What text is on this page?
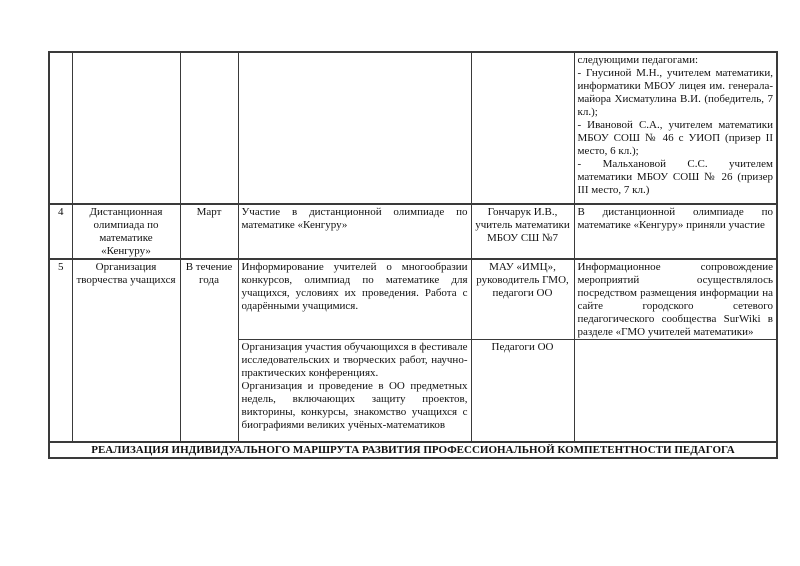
					следующими педагогами:
- Гнусиной М.Н., учителем математики, информатики МБОУ лицея им. генерала-майора Хисматулина В.И. (победитель, 7 кл.);
- Ивановой С.А., учителем математики МБОУ СОШ № 46 с УИОП (призер II место, 6 кл.);
- Мальхановой С.С. учителем математики МБОУ СОШ № 26 (призер III место, 7 кл.)

4	Дистанционная олимпиада по математике «Кенгуру»	Март	Участие в дистанционной олимпиаде по математике «Кенгуру»	Гончарук И.В., учитель математики МБОУ СШ №7	В дистанционной олимпиаде по математике «Кенгуру» приняли участие
5	Организация творчества учащихся	В течение года	Информирование учителей о многообразии конкурсов, олимпиад по математике для учащихся, условиях их проведения. Работа с одарёнными учащимися.	МАУ «ИМЦ», руководитель ГМО, педагоги ОО	Информационное сопровождение мероприятий осуществлялось посредством размещения информации на сайте городского сетевого педагогического сообщества SurWiki в разделе «ГМО учителей математики»

			Организация участия обучающихся в фестивале исследовательских и творческих работ, научно-практических конференциях.
Организация и проведение в ОО предметных недель, включающих защиту проектов, викторины, конкурсы, знакомство учащихся с биографиями великих учёных-математиков	Педагоги ОО	
РЕАЛИЗАЦИЯ ИНДИВИДУАЛЬНОГО МАРШРУТА РАЗВИТИЯ ПРОФЕССИОНАЛЬНОЙ КОМПЕТЕНТНОСТИ ПЕДАГОГА					
